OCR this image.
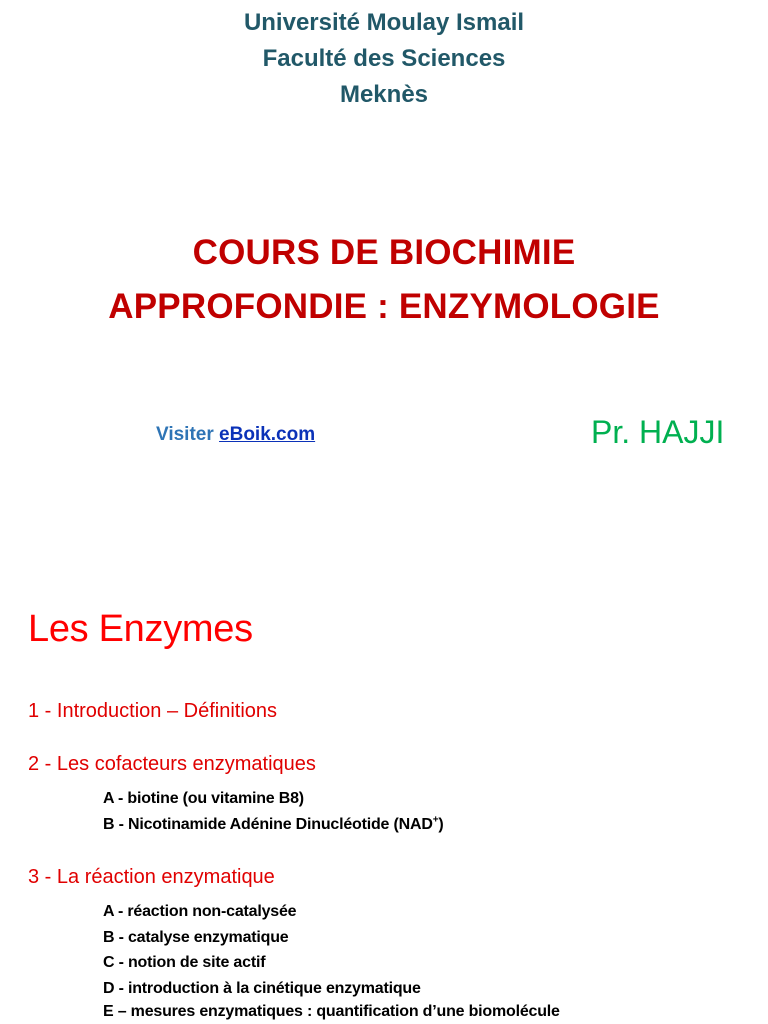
Université Moulay Ismail
Faculté des Sciences
Meknès
COURS DE BIOCHIMIE
APPROFONDIE : ENZYMOLOGIE
Visiter eBoik.com	Pr. HAJJI
Les Enzymes
1 - Introduction – Définitions
2 - Les cofacteurs enzymatiques
A - biotine (ou vitamine B8)
B - Nicotinamide Adénine Dinucléotide (NAD+)
3 - La réaction enzymatique
A - réaction non-catalysée
B - catalyse enzymatique
C - notion de site actif
D - introduction à la cinétique enzymatique
E – mesures enzymatiques : quantification d’une biomolécule
